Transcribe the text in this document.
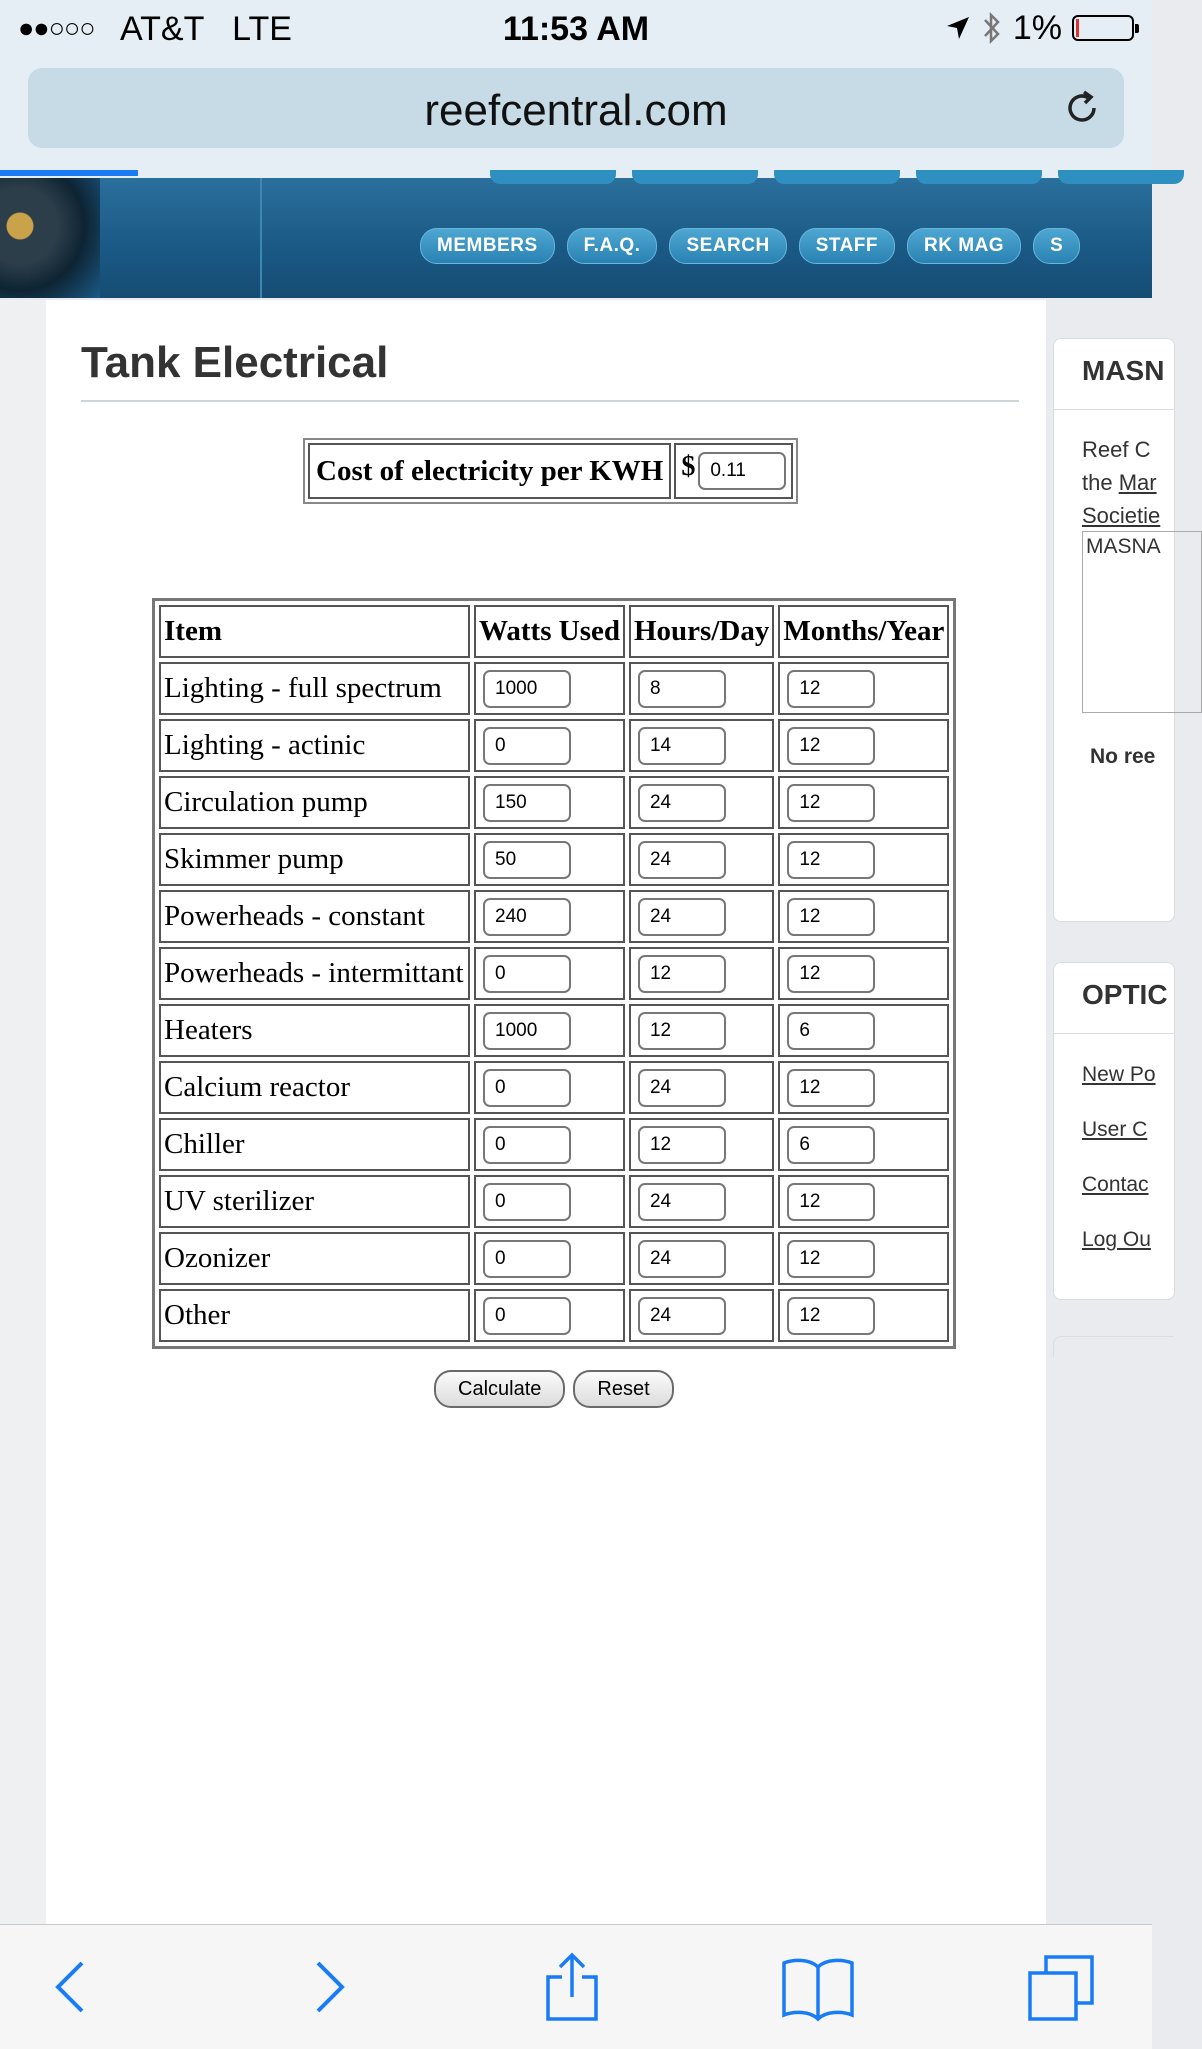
●●○○○ AT&T   LTE	11:53 AM	1%
reefcentral.com
MEMBERS	F.A.Q.	SEARCH	STAFF	RK MAG	S
Tank Electrical
Cost of electricity per KWH $
0.11
Item	Watts Used	Hours/Day	Months/Year
Lighting - full spectrum	1000	8	12
Lighting - actinic	0	14	12
Circulation pump	150	24	12
Skimmer pump	50	24	12
Powerheads - constant	240	24	12
Powerheads - intermittant	0	12	12
Heaters	1000	12	6
Calcium reactor	0	24	12
Chiller	0	12	6
UV sterilizer	0	24	12
Ozonizer	0	24	12
Other	0	24	12
Calculate	Reset
MASN
Reef C
the Mar
Societie
MASNA
No ree
OPTIC
New Po
User C
Contac
Log Ou
